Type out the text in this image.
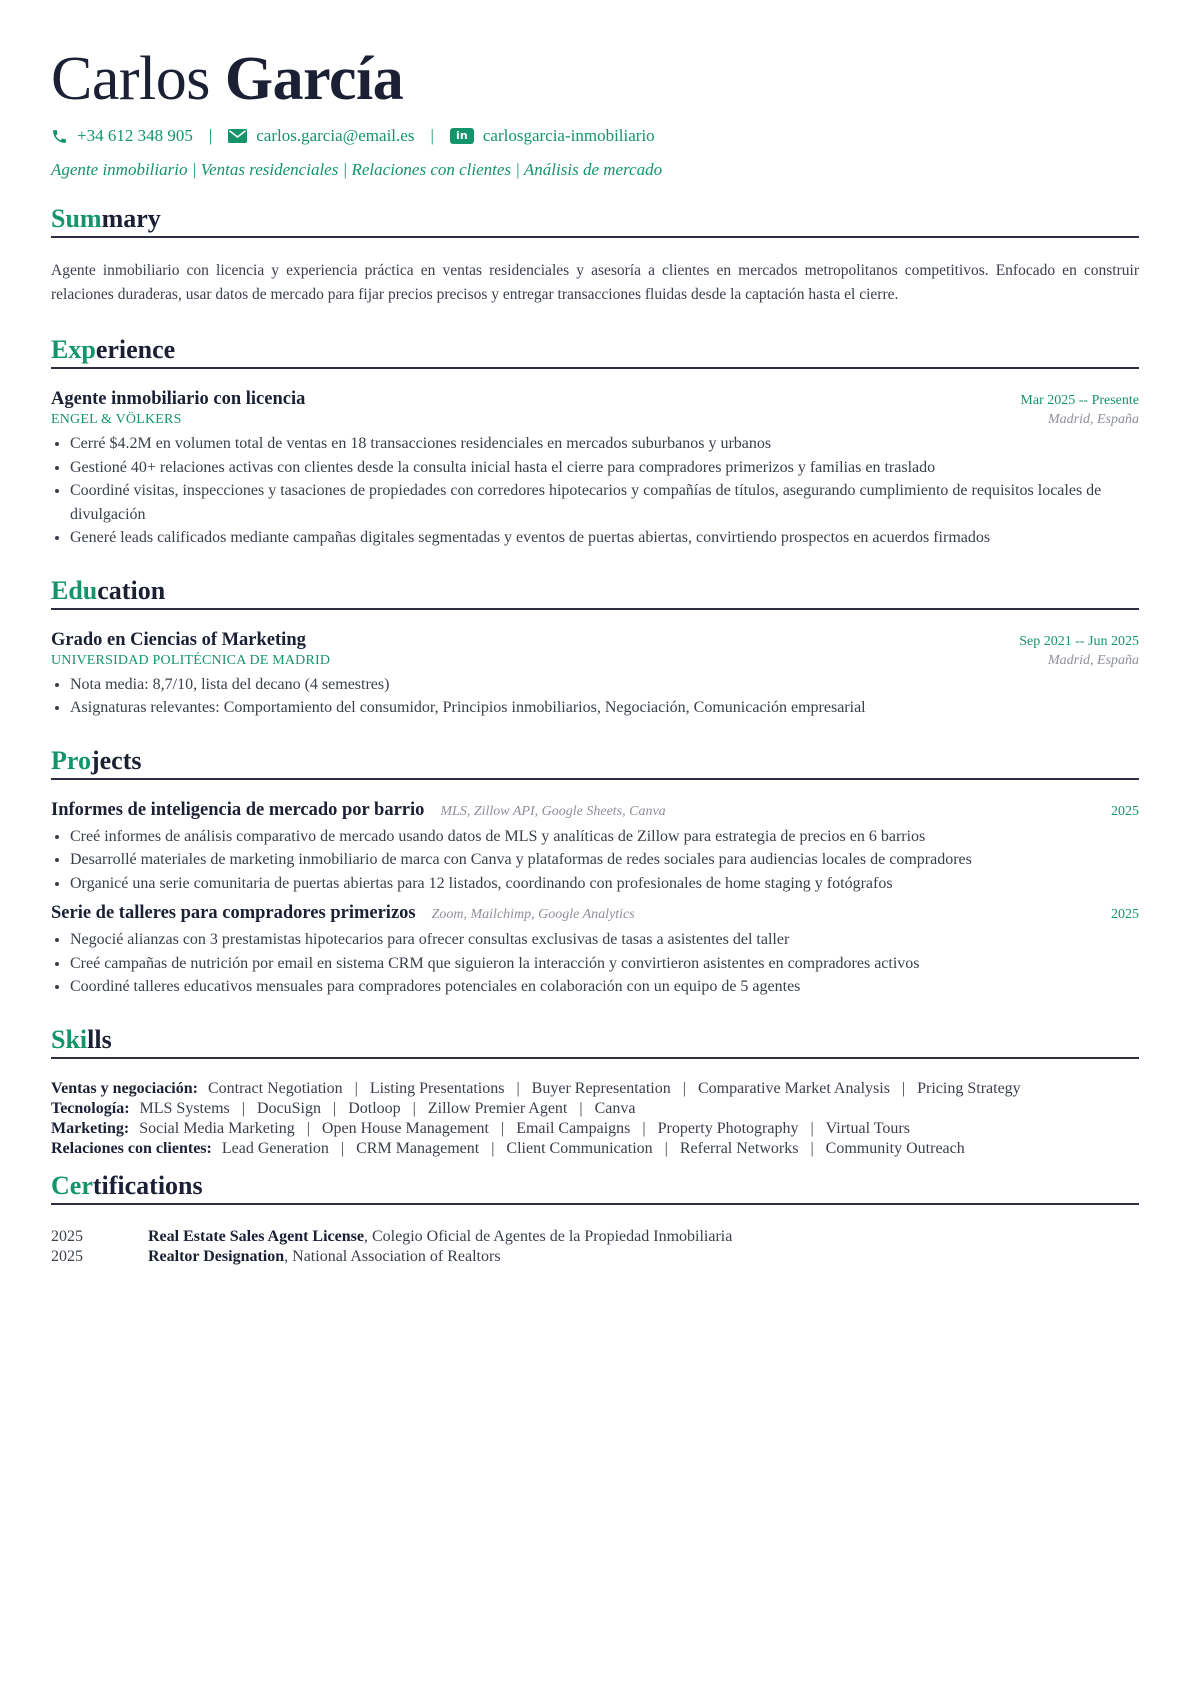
Carlos García
+34 612 348 905 |	carlos.garcia@email.es |	in carlosgarcia-inmobiliario
Agente inmobiliario | Ventas residenciales | Relaciones con clientes | Análisis de mercado
Summary
Agente inmobiliario con licencia y experiencia práctica en ventas residenciales y asesoría a clientes en mercados metropolitanos competitivos. Enfocado en construir relaciones duraderas, usar datos de mercado para fijar precios precisos y entregar transacciones fluidas desde la captación hasta el cierre.
Experience
Agente inmobiliario con licencia	Mar 2025 -- Presente
ENGEL & VÖLKERS	Madrid, España
• Cerré $4.2M en volumen total de ventas en 18 transacciones residenciales en mercados suburbanos y urbanos
• Gestioné 40+ relaciones activas con clientes desde la consulta inicial hasta el cierre para compradores primerizos y familias en traslado
• Coordiné visitas, inspecciones y tasaciones de propiedades con corredores hipotecarios y compañías de títulos, asegurando cumplimiento de requisitos locales de divulgación
• Generé leads calificados mediante campañas digitales segmentadas y eventos de puertas abiertas, convirtiendo prospectos en acuerdos firmados
Education
Grado en Ciencias of Marketing	Sep 2021 -- Jun 2025
UNIVERSIDAD POLITÉCNICA DE MADRID	Madrid, España
• Nota media: 8,7/10, lista del decano (4 semestres)
• Asignaturas relevantes: Comportamiento del consumidor, Principios inmobiliarios, Negociación, Comunicación empresarial
Projects
Informes de inteligencia de mercado por barrio MLS, Zillow API, Google Sheets, Canva	2025
• Creé informes de análisis comparativo de mercado usando datos de MLS y analíticas de Zillow para estrategia de precios en 6 barrios
• Desarrollé materiales de marketing inmobiliario de marca con Canva y plataformas de redes sociales para audiencias locales de compradores
• Organicé una serie comunitaria de puertas abiertas para 12 listados, coordinando con profesionales de home staging y fotógrafos
Serie de talleres para compradores primerizos Zoom, Mailchimp, Google Analytics	2025
• Negocié alianzas con 3 prestamistas hipotecarios para ofrecer consultas exclusivas de tasas a asistentes del taller
• Creé campañas de nutrición por email en sistema CRM que siguieron la interacción y convirtieron asistentes en compradores activos
• Coordiné talleres educativos mensuales para compradores potenciales en colaboración con un equipo de 5 agentes
Skills
Ventas y negociación: Contract Negotiation | Listing Presentations | Buyer Representation | Comparative Market Analysis | Pricing Strategy
Tecnología: MLS Systems | DocuSign | Dotloop | Zillow Premier Agent | Canva
Marketing: Social Media Marketing | Open House Management | Email Campaigns | Property Photography | Virtual Tours
Relaciones con clientes: Lead Generation | CRM Management | Client Communication | Referral Networks | Community Outreach
Certifications
2025	Real Estate Sales Agent License, Colegio Oficial de Agentes de la Propiedad Inmobiliaria
2025	Realtor Designation, National Association of Realtors
